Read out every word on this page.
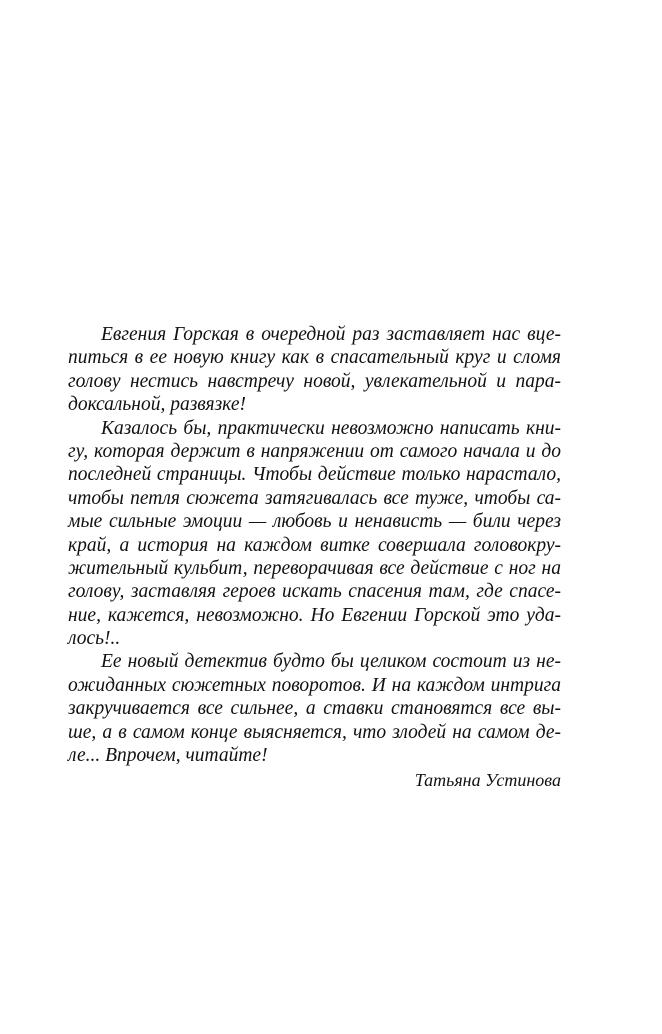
Евгения Горская в очередной раз заставляет нас вце-
питься в ее новую книгу как в спасательный круг и сломя
голову нестись навстречу новой, увлекательной и пара-
доксальной, развязке!
Казалось бы, практически невозможно написать кни-
гу, которая держит в напряжении от самого начала и до
последней страницы. Чтобы действие только нарастало,
чтобы петля сюжета затягивалась все туже, чтобы са-
мые сильные эмоции — любовь и ненависть — били через
край, а история на каждом витке совершала головокру-
жительный кульбит, переворачивая все действие с ног на
голову, заставляя героев искать спасения там, где спасе-
ние, кажется, невозможно. Но Евгении Горской это уда-
лось!..
Ее новый детектив будто бы целиком состоит из не-
ожиданных сюжетных поворотов. И на каждом интрига
закручивается все сильнее, а ставки становятся все вы-
ше, а в самом конце выясняется, что злодей на самом де-
ле... Впрочем, читайте!
Татьяна Устинова
